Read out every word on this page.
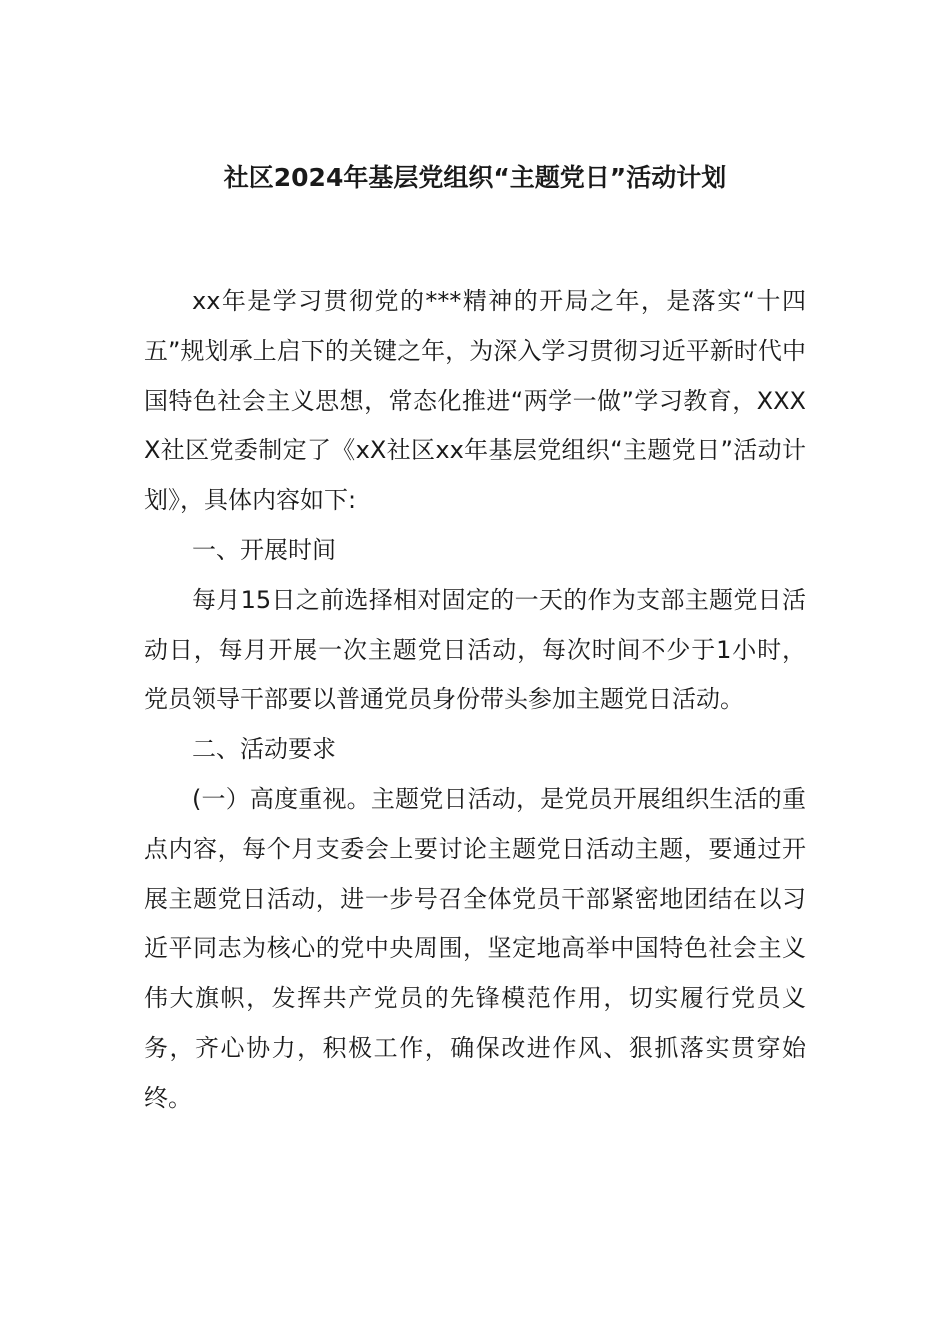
社区2024年基层党组织“主题党日”活动计划

xx年是学习贯彻党的***精神的开局之年，是落实“十四五”规划承上启下的关键之年，为深入学习贯彻习近平新时代中国特色社会主义思想，常态化推进“两学一做”学习教育，XXXX社区党委制定了《xX社区xx年基层党组织“主题党日”活动计划》，具体内容如下:

一、开展时间

每月15日之前选择相对固定的一天的作为支部主题党日活动日，每月开展一次主题党日活动，每次时间不少于1小时，党员领导干部要以普通党员身份带头参加主题党日活动。

二、活动要求

(一）高度重视。主题党日活动，是党员开展组织生活的重点内容，每个月支委会上要讨论主题党日活动主题，要通过开展主题党日活动，进一步号召全体党员干部紧密地团结在以习近平同志为核心的党中央周围，坚定地高举中国特色社会主义伟大旗帜，发挥共产党员的先锋模范作用，切实履行党员义务，齐心协力，积极工作，确保改进作风、狠抓落实贯穿始终。
